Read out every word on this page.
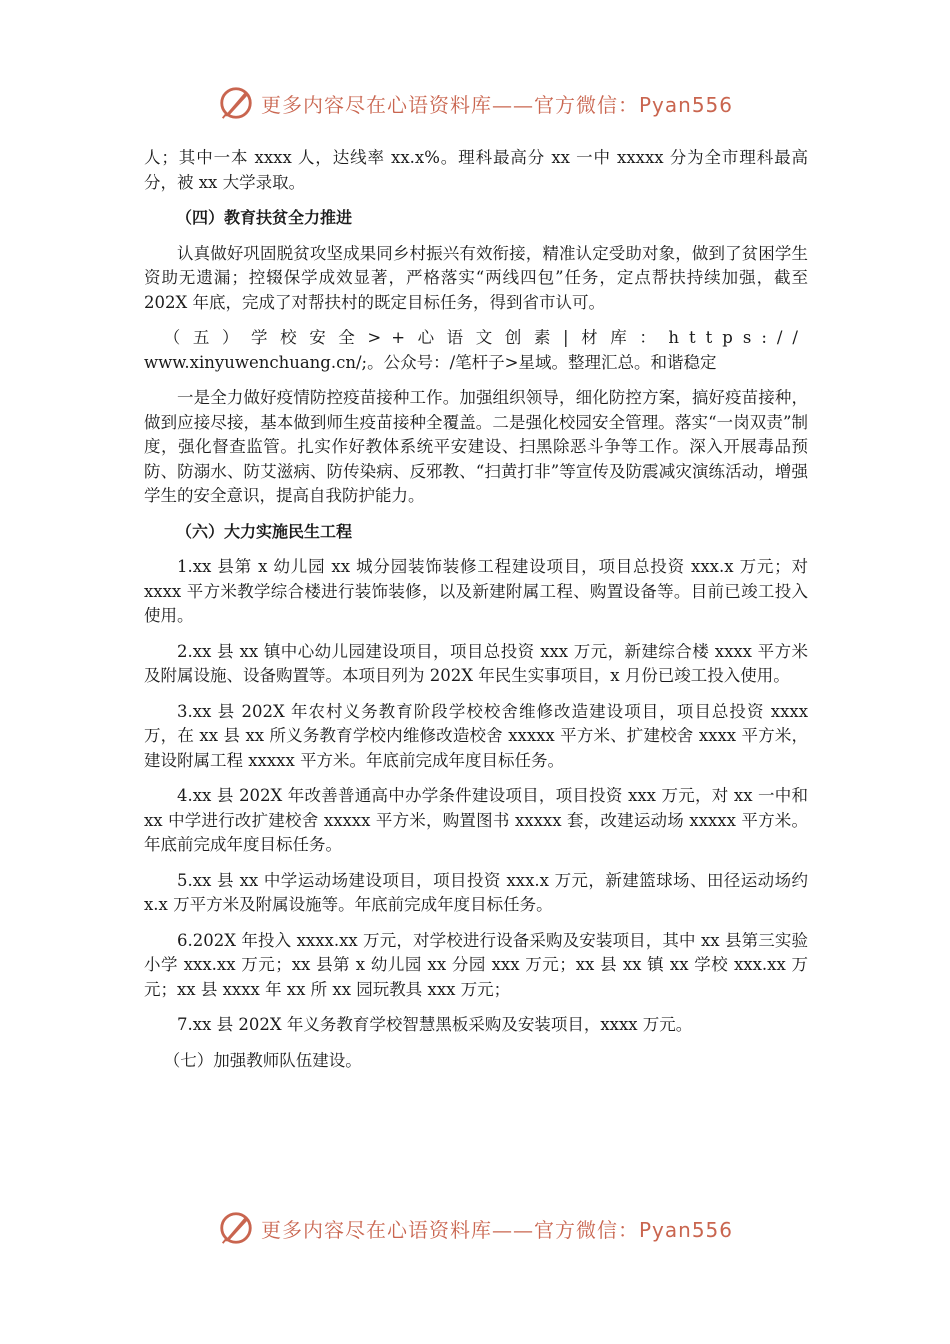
更多内容尽在心语资料库——官方微信：Pyan556

人；其中一本 xxxx 人，达线率 xx.x%。理科最高分 xx 一中 xxxxx 分为全市理科最高分，被 xx 大学录取。

（四）教育扶贫全力推进

认真做好巩固脱贫攻坚成果同乡村振兴有效衔接，精准认定受助对象，做到了贫困学生资助无遗漏；控辍保学成效显著，严格落实“两线四包”任务，定点帮扶持续加强，截至 202X 年底，完成了对帮扶村的既定目标任务，得到省市认可。

（五）学校安全>+心语文创素|材库：https://

www.xinyuwenchuang.cn/;。公众号：/笔杆子>星域。整理汇总。和谐稳定

一是全力做好疫情防控疫苗接种工作。加强组织领导，细化防控方案，搞好疫苗接种，做到应接尽接，基本做到师生疫苗接种全覆盖。二是强化校园安全管理。落实“一岗双责”制度，强化督查监管。扎实作好教体系统平安建设、扫黑除恶斗争等工作。深入开展毒品预防、防溺水、防艾滋病、防传染病、反邪教、“扫黄打非”等宣传及防震减灾演练活动，增强学生的安全意识，提高自我防护能力。

（六）大力实施民生工程

1.xx 县第 x 幼儿园 xx 城分园装饰装修工程建设项目，项目总投资 xxx.x 万元；对 xxxx 平方米教学综合楼进行装饰装修，以及新建附属工程、购置设备等。目前已竣工投入使用。

2.xx 县 xx 镇中心幼儿园建设项目，项目总投资 xxx 万元，新建综合楼 xxxx 平方米及附属设施、设备购置等。本项目列为 202X 年民生实事项目，x 月份已竣工投入使用。

3.xx 县 202X 年农村义务教育阶段学校校舍维修改造建设项目，项目总投资 xxxx 万，在 xx 县 xx 所义务教育学校内维修改造校舍 xxxxx 平方米、扩建校舍 xxxx 平方米，建设附属工程 xxxxx 平方米。年底前完成年度目标任务。

4.xx 县 202X 年改善普通高中办学条件建设项目，项目投资 xxx 万元，对 xx 一中和 xx 中学进行改扩建校舍 xxxxx 平方米，购置图书 xxxxx 套，改建运动场 xxxxx 平方米。年底前完成年度目标任务。

5.xx 县 xx 中学运动场建设项目，项目投资 xxx.x 万元，新建篮球场、田径运动场约 x.x 万平方米及附属设施等。年底前完成年度目标任务。

6.202X 年投入 xxxx.xx 万元，对学校进行设备采购及安装项目，其中 xx 县第三实验小学 xxx.xx 万元；xx 县第 x 幼儿园 xx 分园 xxx 万元；xx 县 xx 镇 xx 学校 xxx.xx 万元；xx 县 xxxx 年 xx 所 xx 园玩教具 xxx 万元；

7.xx 县 202X 年义务教育学校智慧黑板采购及安装项目，xxxx 万元。

（七）加强教师队伍建设。

更多内容尽在心语资料库——官方微信：Pyan556
